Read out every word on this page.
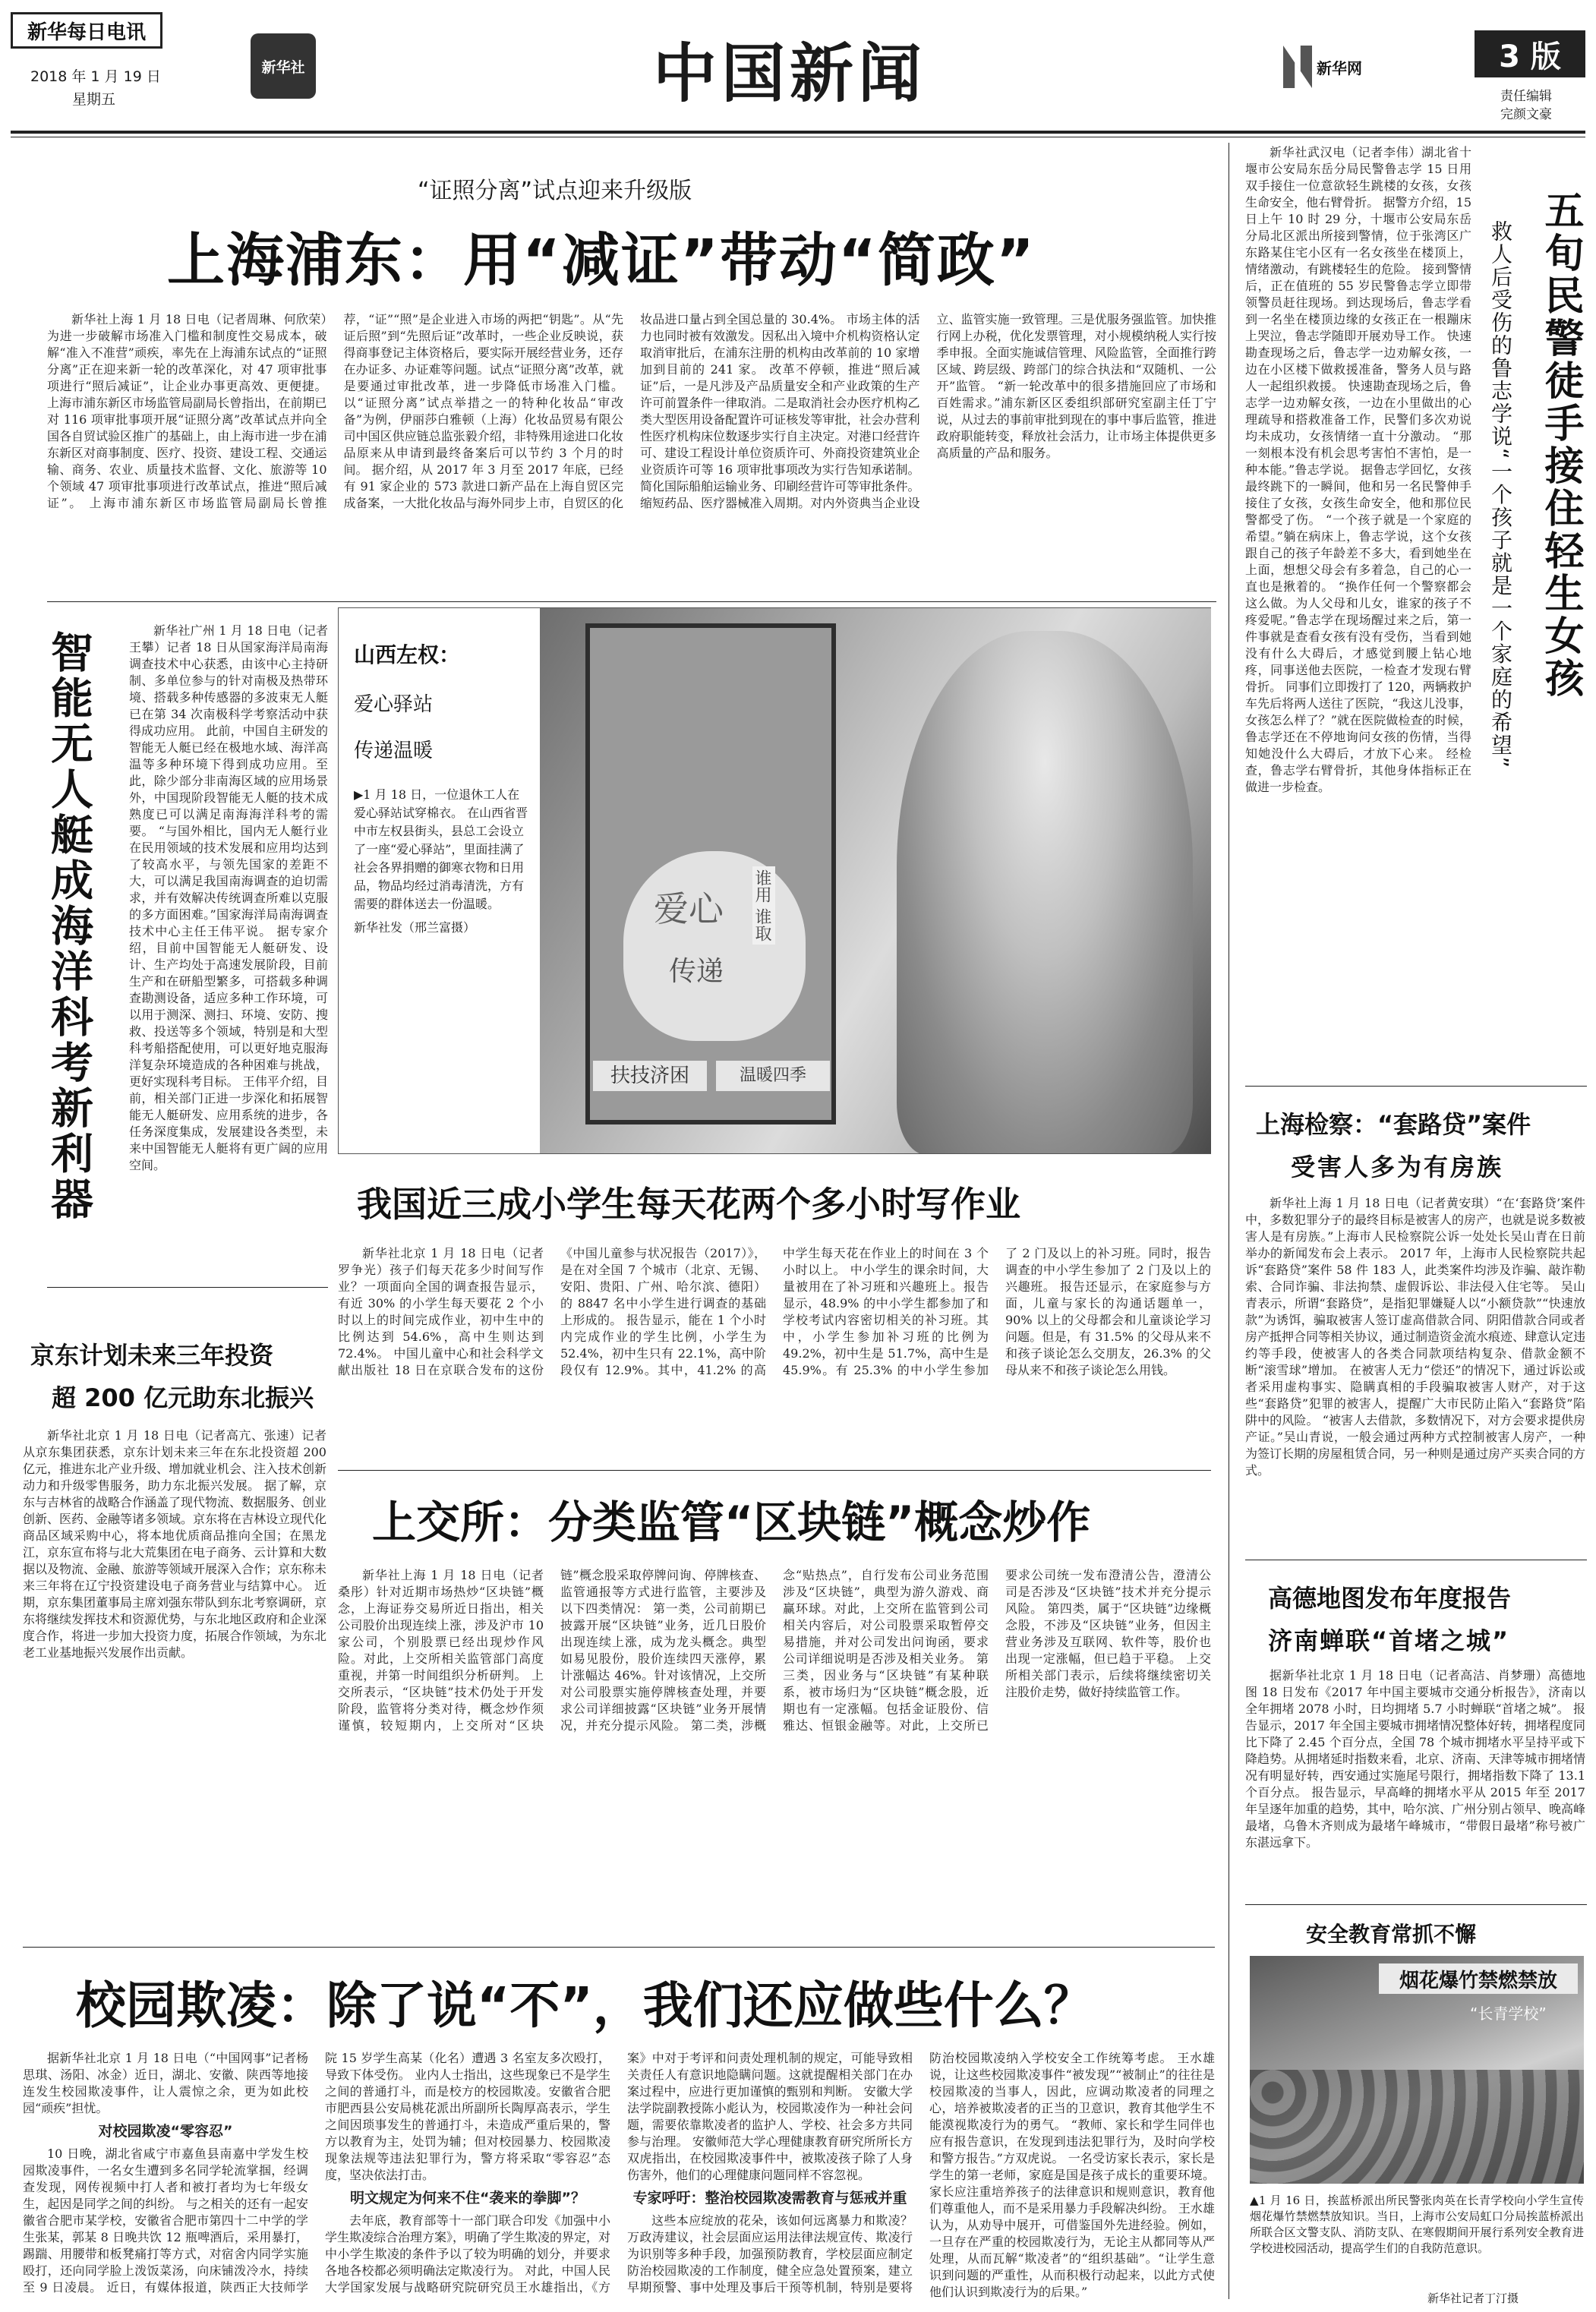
新华每日电讯
2018 年 1 月 19 日
星期五
新华社	中国新闻	新华网	3 版
责任编辑
完颜文豪
“证照分离”试点迎来升级版
上海浦东：用“减证”带动“简政”
新华社上海 1 月 18 日电（记者周琳、何欣荣）为进一步破解市场准入门槛和制度性交易成本，破解“准入不准营”顽疾，率先在上海浦东试点的“证照分离”正在迎来新一轮的改革深化，对 47 项审批事项进行“照后减证”，让企业办事更高效、更便捷。 上海市浦东新区市场监管局副局长曾指出，在前期已对 116 项审批事项开展“证照分离”改革试点并向全国各自贸试验区推广的基础上，由上海市进一步在浦东新区对商事制度、医疗、投资、建设工程、交通运输、商务、农业、质量技术监督、文化、旅游等 10 个领域 47 项审批事项进行改革试点，推进“照后减证”。 上海市浦东新区市场监管局副局长曾推荐，“证”“照”是企业进入市场的两把“钥匙”。从“先证后照”到“先照后证”改革时，一些企业反映说，获得商事登记主体资格后，要实际开展经营业务，还存在办证多、办证难等问题。试点“证照分离”改革，就是要通过审批改革，进一步降低市场准入门槛。 以“证照分离”试点举措之一的特种化妆品“审改备”为例，伊丽莎白雅顿（上海）化妆品贸易有限公司中国区供应链总监张毅介绍，非特殊用途进口化妆品原来从申请到最终备案后可以节约 3 个月的时间。 据介绍，从 2017 年 3 月至 2017 年底，已经有 91 家企业的 573 款进口新产品在上海自贸区完成备案，一大批化妆品与海外同步上市，自贸区的化妆品进口量占到全国总量的 30.4%。 市场主体的活力也同时被有效激发。因私出入境中介机构资格认定取消审批后，在浦东注册的机构由改革前的 10 家增加到目前的 241 家。 改革不停顿，推进“照后减证”后，一是凡涉及产品质量安全和产业政策的生产许可前置条件一律取消。二是取消社会办医疗机构乙类大型医用设备配置许可证核发等审批，社会办营利性医疗机构床位数逐步实行自主决定。对港口经营许可、建设工程设计单位资质许可、外商投资建筑业企业资质许可等 16 项审批事项改为实行告知承诺制。简化国际船舶运输业务、印刷经营许可等审批条件。缩短药品、医疗器械准入周期。对内外资典当企业设立、监管实施一致管理。三是优服务强监管。加快推行网上办税，优化发票管理，对小规模纳税人实行按季申报。全面实施诚信管理、风险监管，全面推行跨区域、跨层级、跨部门的综合执法和“双随机、一公开”监管。 “新一轮改革中的很多措施回应了市场和百姓需求。”浦东新区区委组织部研究室副主任丁宁说，从过去的事前审批到现在的事中事后监管，推进政府职能转变，释放社会活力，让市场主体提供更多高质量的产品和服务。
智能无人艇成海洋科考新利器	新华社广州 1 月 18 日电（记者王攀）记者 18 日从国家海洋局南海调查技术中心获悉，由该中心主持研制、多单位参与的针对南极及热带环境、搭载多种传感器的多波束无人艇已在第 34 次南极科学考察活动中获得成功应用。 此前，中国自主研发的智能无人艇已经在极地水域、海洋高温等多种环境下得到成功应用。至此，除少部分非南海区域的应用场景外，中国现阶段智能无人艇的技术成熟度已可以满足南海海洋科考的需要。 “与国外相比，国内无人艇行业在民用领域的技术发展和应用均达到了较高水平，与领先国家的差距不大，可以满足我国南海调查的迫切需求，并有效解决传统调查所难以克服的多方面困难。”国家海洋局南海调查技术中心主任王伟平说。 据专家介绍，目前中国智能无人艇研发、设计、生产均处于高速发展阶段，目前生产和在研船型繁多，可搭载多种调查勘测设备，适应多种工作环境，可以用于测深、测扫、环境、安防、搜救、投送等多个领域，特别是和大型科考船搭配使用，可以更好地克服海洋复杂环境造成的各种困难与挑战，更好实现科考目标。 王伟平介绍，目前，相关部门正进一步深化和拓展智能无人艇研发、应用系统的进步，各任务深度集成，发展建设各类型，未来中国智能无人艇将有更广阔的应用空间。
山西左权：
爱心驿站
传递温暖
▶1 月 18 日，一位退休工人在爱心驿站试穿棉衣。 在山西省晋中市左权县街头，县总工会设立了一座“爱心驿站”，里面挂满了社会各界捐赠的御寒衣物和日用品，物品均经过消毒清洗，方有需要的群体送去一份温暖。
新华社发（邢兰富摄）	爱心
传递
谁用 谁取
扶技济困	温暖四季
我国近三成小学生每天花两个多小时写作业
新华社北京 1 月 18 日电（记者罗争光）孩子们每天花多少时间写作业？一项面向全国的调查报告显示，有近 30% 的小学生每天要花 2 个小时以上的时间完成作业，初中生中的比例达到 54.6%，高中生则达到 72.4%。 中国儿童中心和社会科学文献出版社 18 日在京联合发布的这份《中国儿童参与状况报告（2017）》，是在对全国 7 个城市（北京、无锡、安阳、贵阳、广州、哈尔滨、德阳）的 8847 名中小学生进行调查的基础上形成的。 报告显示，能在 1 个小时内完成作业的学生比例，小学生为 52.4%，初中生只有 22.1%，高中阶段仅有 12.9%。其中，41.2% 的高中学生每天花在作业上的时间在 3 个小时以上。 中小学生的课余时间，大量被用在了补习班和兴趣班上。报告显示，48.9% 的中小学生都参加了和学校考试内容密切相关的补习班。其中，小学生参加补习班的比例为 49.2%，初中生是 51.7%，高中生是 45.9%。有 25.3% 的中小学生参加了 2 门及以上的补习班。同时，报告调查的中小学生参加了 2 门及以上的兴趣班。 报告还显示，在家庭参与方面，儿童与家长的沟通话题单一，90% 以上的父母都会和儿童谈论学习问题。但是，有 31.5% 的父母从来不和孩子谈论怎么交朋友，26.3% 的父母从来不和孩子谈论怎么用钱。
京东计划未来三年投资
超 200 亿元助东北振兴
新华社北京 1 月 18 日电（记者高亢、张速）记者从京东集团获悉，京东计划未来三年在东北投资超 200 亿元，推进东北产业升级、增加就业机会、注入技术创新动力和升级零售服务，助力东北振兴发展。 据了解，京东与吉林省的战略合作涵盖了现代物流、数据服务、创业创新、医药、金融等诸多领域。京东将在吉林设立现代化商品区域采购中心，将本地优质商品推向全国；在黑龙江，京东宣布将与北大荒集团在电子商务、云计算和大数据以及物流、金融、旅游等领域开展深入合作；京东称未来三年将在辽宁投资建设电子商务营业与结算中心。 近期，京东集团董事局主席刘强东带队到东北考察调研，京东将继续发挥技术和资源优势，与东北地区政府和企业深度合作，将进一步加大投资力度，拓展合作领域，为东北老工业基地振兴发展作出贡献。
上交所：分类监管“区块链”概念炒作
新华社上海 1 月 18 日电（记者桑彤）针对近期市场热炒“区块链”概念，上海证券交易所近日指出，相关公司股价出现连续上涨，涉及沪市 10 家公司，个别股票已经出现炒作风险。对此，上交所相关监管部门高度重视，并第一时间组织分析研判。 上交所表示，“区块链”技术仍处于开发阶段，监管将分类对待，概念炒作须谨慎，较短期内，上交所对“区块链”概念股采取停牌问询、停牌核查、监管通报等方式进行监管，主要涉及以下四类情况： 第一类，公司前期已披露开展“区块链”业务，近几日股价出现连续上涨，成为龙头概念。典型如易见股份，股价连续四天涨停，累计涨幅达 46%。针对该情况，上交所对公司股票实施停牌核查处理，并要求公司详细披露“区块链”业务开展情况，并充分提示风险。 第二类，涉概念“贴热点”，自行发布公司业务范围涉及“区块链”，典型为游久游戏、商赢环球。对此，上交所在监管到公司相关内容后，对公司股票采取暂停交易措施，并对公司发出问询函，要求公司详细说明是否涉及相关业务。 第三类，因业务与“区块链”有某种联系，被市场归为“区块链”概念股，近期也有一定涨幅。包括金证股份、信雅达、恒银金融等。对此，上交所已要求公司统一发布澄清公告，澄清公司是否涉及“区块链”技术并充分提示风险。 第四类，属于“区块链”边缘概念股，不涉及“区块链”业务，但因主营业务涉及互联网、软件等，股价也出现一定涨幅，但已趋于平稳。 上交所相关部门表示，后续将继续密切关注股价走势，做好持续监管工作。
校园欺凌：除了说“不”，我们还应做些什么？

据新华社北京 1 月 18 日电（“中国网事”记者杨思琪、汤阳、冰金）近日，湖北、安徽、陕西等地接连发生校园欺凌事件，让人震惊之余，更为如此校园“顽疾”担忧。

对校园欺凌“零容忍”

10 日晚，湖北省咸宁市嘉鱼县南嘉中学发生校园欺凌事件，一名女生遭到多名同学轮流掌掴，经调查发现，网传视频中打人者和被打者均为七年级女生，起因是同学之间的纠纷。 与之相关的还有一起安徽省合肥市某学校，安徽省合肥市第四十二中学的学生张某，郭某 8 日晚共饮 12 瓶啤酒后，采用暴打，踢踹、用腰带和板凳痛打等方式，对宿舍内同学实施殴打，还向同学脸上泼饭菜汤，向床铺泼冷水，持续至 9 日凌晨。 近日，有媒体报道，陕西正大技师学院 15 岁学生高某（化名）遭遇 3 名室友多次殴打，导致下体受伤。 业内人士指出，这些现象已不是学生之间的普通打斗，而是校方的校园欺凌。安徽省合肥市肥西县公安局桃花派出所副所长陶厚高表示，学生之间因琐事发生的普通打斗，未造成严重后果的，警方以教育为主，处罚为辅；但对校园暴力、校园欺凌现象法规等违法犯罪行为，警方将采取“零容忍”态度，坚决依法打击。

明文规定为何来不住“袭来的拳脚”？

去年底，教育部等十一部门联合印发《加强中小学生欺凌综合治理方案》，明确了学生欺凌的界定，对中小学生欺凌的条件予以了较为明确的划分，并要求各地各校都必须明确法定欺凌行为。 对此，中国人民大学国家发展与战略研究院研究员王水雄指出，《方案》中对于考评和问责处理机制的规定，可能导致相关责任人有意识地隐瞒问题。这就提醒相关部门在办案过程中，应进行更加谨慎的甄别和判断。 安徽大学法学院副教授陈小彪认为，校园欺凌作为一种社会问题，需要依靠欺凌者的监护人、学校、社会多方共同参与治理。 安徽师范大学心理健康教育研究所所长方双虎指出，在校园欺凌事件中，被欺凌孩子除了人身伤害外，他们的心理健康问题同样不容忽视。

专家呼吁：整治校园欺凌需教育与惩戒并重

这些本应绽放的花朵，该如何远离暴力和欺凌？万政涛建议，社会层面应运用法律法规宣传、欺凌行为识别等多种手段，加强预防教育，学校层面应制定防治校园欺凌的工作制度，健全应急处置预案，建立早期预警、事中处理及事后干预等机制，特别是要将防治校园欺凌纳入学校安全工作统筹考虑。 王水雄说，让这些校园欺凌事件“被发现”“被制止”的往往是校园欺凌的当事人，因此，应调动欺凌者的同理之心，培养被欺凌者的正当的卫意识，教育其他学生不能漠视欺凌行为的勇气。 “教师、家长和学生同伴也应有报告意识，在发现到违法犯罪行为，及时向学校和警方报告。”方双虎说。 一名受访家长表示，家长是学生的第一老师，家庭是国是孩子成长的重要环境。家长应注重培养孩子的法律意识和规则意识，教育他们尊重他人，而不是采用暴力手段解决纠纷。 王水雄认为，从劝导中展开，可借鉴国外先进经验。例如，一旦存在严重的校园欺凌行为，无论主从都同等从严处理，从而瓦解“欺凌者”的“组织基础”。“让学生意识到问题的严重性，从而积极行动起来，以此方式使他们认识到欺凌行为的后果。”

新华社武汉电（记者李伟）湖北省十堰市公安局东岳分局民警鲁志学 15 日用双手接住一位意欲轻生跳楼的女孩，女孩生命安全，他右臂骨折。 据警方介绍，15 日上午 10 时 29 分，十堰市公安局东岳分局北区派出所接到警情，位于张湾区广东路某住宅小区有一名女孩坐在楼顶上，情绪激动，有跳楼轻生的危险。 接到警情后，正在值班的 55 岁民警鲁志学立即带领警员赶往现场。到达现场后，鲁志学看到一名坐在楼顶边缘的女孩正在一根蹦床上哭泣，鲁志学随即开展劝导工作。 快速勘查现场之后，鲁志学一边劝解女孩，一边在小区楼下做救援准备，警务人员与路人一起组织救援。 快速勘查现场之后，鲁志学一边劝解女孩，一边在小里做出的心理疏导和搭救准备工作，民警们多次劝说均未成功，女孩情绪一直十分激动。 “那一刻根本没有机会思考害怕不害怕，是一种本能。”鲁志学说。 据鲁志学回忆，女孩最终跳下的一瞬间，他和另一名民警伸手接住了女孩，女孩生命安全，他和那位民警都受了伤。 “一个孩子就是一个家庭的希望。”躺在病床上，鲁志学说，这个女孩跟自己的孩子年龄差不多大，看到她坐在上面，想想父母会有多着急，自己的心一直也是揪着的。 “换作任何一个警察都会这么做。为人父母和儿女，谁家的孩子不疼爱呢。”鲁志学在现场醒过来之后，第一件事就是查看女孩有没有受伤，当看到她没有什么大碍后，才感觉到腰上钻心地疼，同事送他去医院，一检查才发现右臂骨折。 同事们立即拨打了 120，两辆救护车先后将两人送往了医院，“我这儿没事，女孩怎么样了？”就在医院做检查的时候，鲁志学还在不停地询问女孩的伤情，当得知她没什么大碍后，才放下心来。 经检查，鲁志学右臂骨折，其他身体指标正在做进一步检查。
五旬民警徒手接住轻生女孩
救人后受伤的鲁志学说“一个孩子就是一个家庭的希望”
上海检察：“套路贷”案件
受害人多为有房族
新华社上海 1 月 18 日电（记者黄安琪）“在‘套路贷’案件中，多数犯罪分子的最终目标是被害人的房产，也就是说多数被害人是有房族。”上海市人民检察院公诉一处处长吴山青在日前举办的新闻发布会上表示。 2017 年，上海市人民检察院共起诉“套路贷”案件 58 件 183 人，此类案件均涉及诈骗、敲诈勒索、合同诈骗、非法拘禁、虚假诉讼、非法侵入住宅等。 吴山青表示，所谓“套路贷”，是指犯罪嫌疑人以“小额贷款”“快速放款”为诱饵，骗取被害人签订虚高借款合同、阴阳借款合同或者房产抵押合同等相关协议，通过制造资金流水痕迹、肆意认定违约等手段，使被害人的各类合同款项结构复杂、借款金额不断“滚雪球”增加。 在被害人无力“偿还”的情况下，通过诉讼或者采用虚构事实、隐瞒真相的手段骗取被害人财产，对于这些“套路贷”犯罪的被害人，提醒广大市民防止陷入“套路贷”陷阱中的风险。 “被害人去借款，多数情况下，对方会要求提供房产证。”吴山青说，一般会通过两种方式控制被害人房产，一种为签订长期的房屋租赁合同，另一种则是通过房产买卖合同的方式。
高德地图发布年度报告
济南蝉联“首堵之城”
据新华社北京 1 月 18 日电（记者高洁、肖梦珊）高德地图 18 日发布《2017 年中国主要城市交通分析报告》，济南以全年拥堵 2078 小时，日均拥堵 5.7 小时蝉联“首堵之城”。 报告显示，2017 年全国主要城市拥堵情况整体好转，拥堵程度同比下降了 2.45 个百分点，全国 78 个城市拥堵水平呈持平或下降趋势。从拥堵延时指数来看，北京、济南、天津等城市拥堵情况有明显好转，西安通过实施尾号限行，拥堵指数下降了 13.1 个百分点。 报告显示，早高峰的拥堵水平从 2015 年至 2017 年呈逐年加重的趋势，其中，哈尔滨、广州分别占领早、晚高峰最堵，乌鲁木齐则成为最堵午峰城市，“带假日最堵”称号被广东湛远拿下。
安全教育常抓不懈
烟花爆竹禁燃禁放
“长青学校”
▲1 月 16 日，挨蓝桥派出所民警张肉英在长青学校向小学生宣传烟花爆竹禁燃禁放知识。当日，上海市公安局虹口分局挨蓝桥派出所联合区文警支队、消防支队、在寒假期间开展行系列安全教育进学校进校园活动，提高学生们的自我防范意识。
新华社记者丁汀摄
